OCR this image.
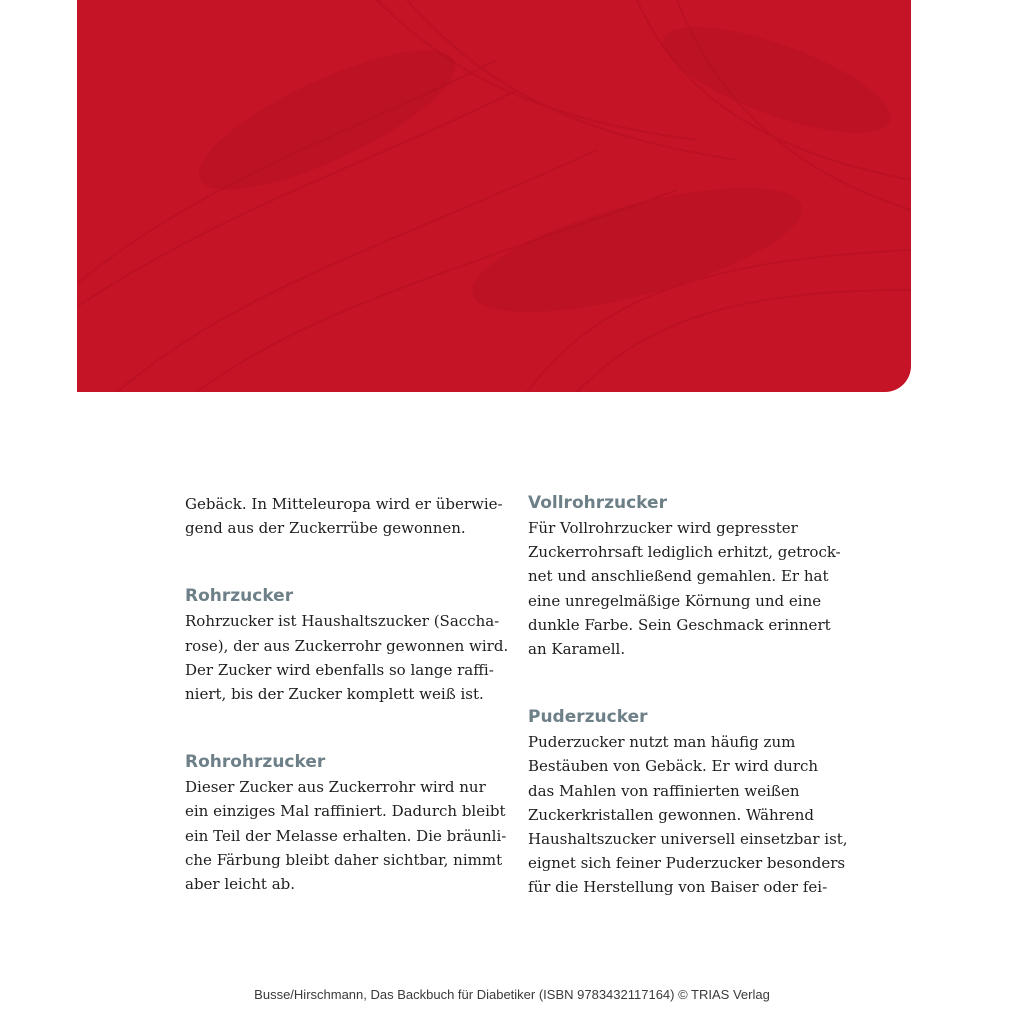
Gebäck. In Mitteleuropa wird er überwie-
gend aus der Zuckerrübe gewonnen.

Rohrzucker

Rohrzucker ist Haushaltszucker (Saccha-
rose), der aus Zuckerrohr gewonnen wird.
Der Zucker wird ebenfalls so lange raffi-
niert, bis der Zucker komplett weiß ist.

Rohrohrzucker

Dieser Zucker aus Zuckerrohr wird nur
ein einziges Mal raffiniert. Dadurch bleibt
ein Teil der Melasse erhalten. Die bräunli-
che Färbung bleibt daher sichtbar, nimmt
aber leicht ab.

Vollrohrzucker

Für Vollrohrzucker wird gepresster
Zuckerrohrsaft lediglich erhitzt, getrock-
net und anschließend gemahlen. Er hat
eine unregelmäßige Körnung und eine
dunkle Farbe. Sein Geschmack erinnert
an Karamell.

Puderzucker

Puderzucker nutzt man häufig zum
Bestäuben von Gebäck. Er wird durch
das Mahlen von raffinierten weißen
Zuckerkristallen gewonnen. Während
Haushaltszucker universell einsetzbar ist,
eignet sich feiner Puderzucker besonders
für die Herstellung von Baiser oder fei-

Busse/Hirschmann, Das Backbuch für Diabetiker (ISBN 9783432117164) © TRIAS Verlag
